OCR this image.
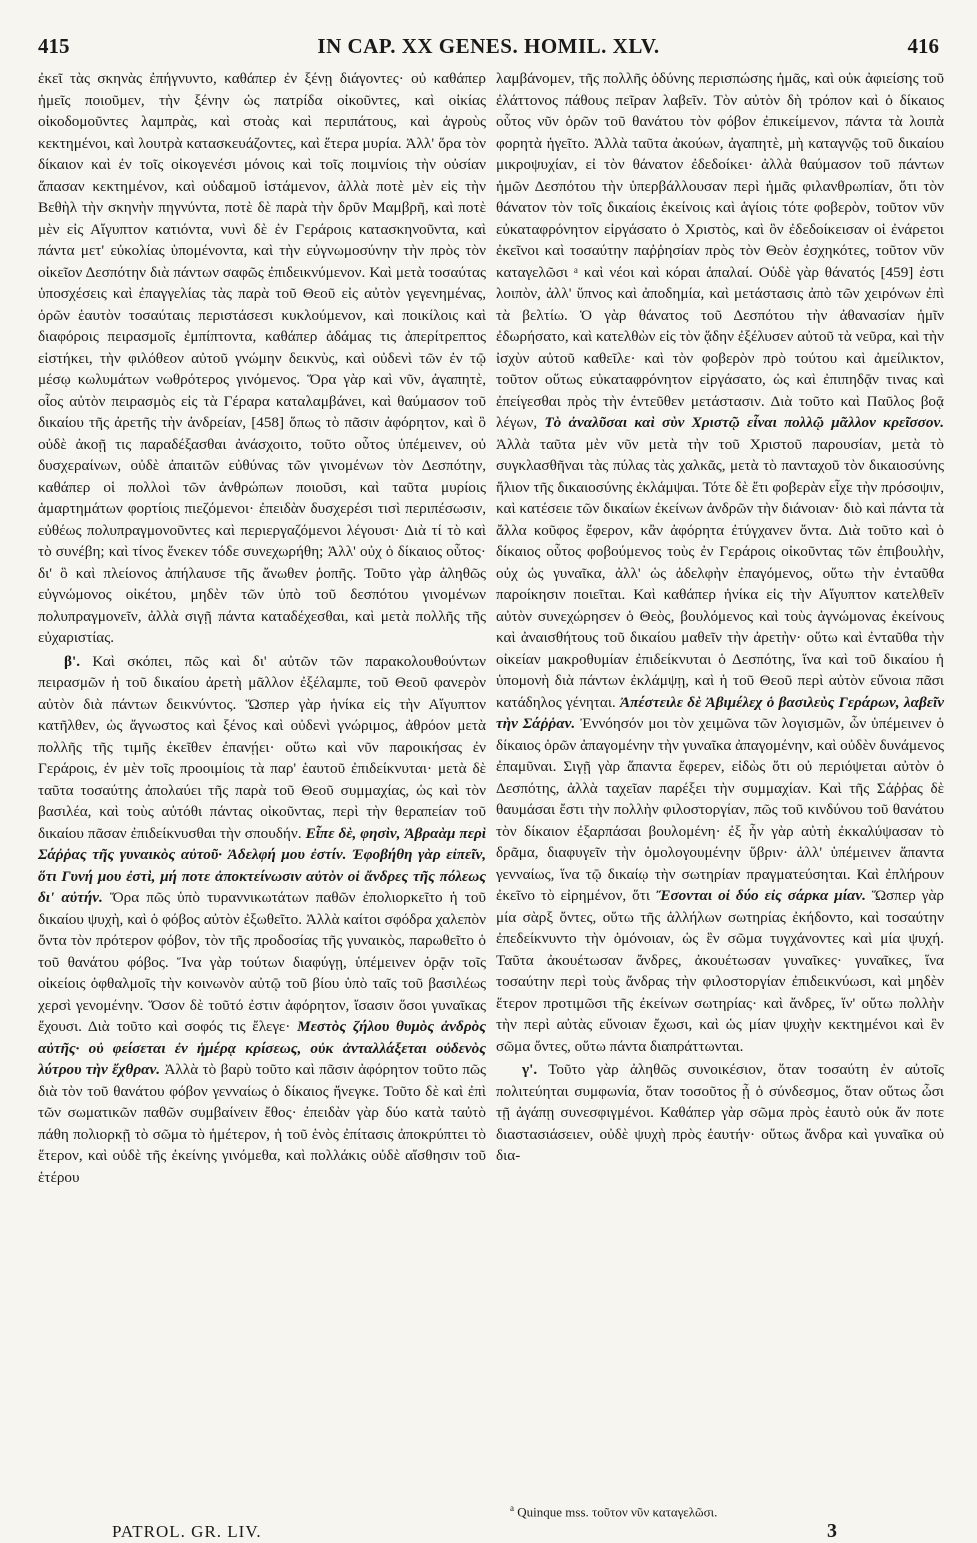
415	IN CAP. XX GENES. HOMIL. XLV.	416

ἐκεῖ τὰς σκηνὰς ἐπήγνυντο, καθάπερ ἐν ξένῃ διάγοντες· οὐ καθάπερ ἡμεῖς ποιοῦμεν, τὴν ξένην ὡς πατρίδα οἰκοῦντες, καὶ οἰκίας οἰκοδομοῦντες λαμπρὰς, καὶ στοὰς καὶ περιπάτους, καὶ ἀγροὺς κεκτημένοι, καὶ λουτρὰ κατασκευάζοντες, καὶ ἕτερα μυρία. Ἀλλ' ὅρα τὸν δίκαιον καὶ ἐν τοῖς οἰκογενέσι μόνοις καὶ τοῖς ποιμνίοις τὴν οὐσίαν ἅπασαν κεκτημένον, καὶ οὐδαμοῦ ἱστάμενον, ἀλλὰ ποτὲ μὲν εἰς τὴν Βεθὴλ τὴν σκηνὴν πηγνύντα, ποτὲ δὲ παρὰ τὴν δρῦν Μαμβρῆ, καὶ ποτὲ μὲν εἰς Αἴγυπτον κατιόντα, νυνὶ δὲ ἐν Γεράροις κατασκηνοῦντα, καὶ πάντα μετ' εὐκολίας ὑπομένοντα, καὶ τὴν εὐγνωμοσύνην τὴν πρὸς τὸν οἰκεῖον Δεσπότην διὰ πάντων σαφῶς ἐπιδεικνύμενον. Καὶ μετὰ τοσαύτας ὑποσχέσεις καὶ ἐπαγγελίας τὰς παρὰ τοῦ Θεοῦ εἰς αὐτὸν γεγενημένας, ὁρῶν ἑαυτὸν τοσαύταις περιστάσεσι κυκλούμενον, καὶ ποικίλοις καὶ διαφόροις πειρασμοῖς ἐμπίπτοντα, καθάπερ ἀδάμας τις ἀπερίτρεπτος εἱστήκει, τὴν φιλόθεον αὐτοῦ γνώμην δεικνὺς, καὶ οὐδενὶ τῶν ἐν τῷ μέσῳ κωλυμάτων νωθρότερος γινόμενος. Ὅρα γὰρ καὶ νῦν, ἀγαπητὲ, οἷος αὐτὸν πειρασμὸς εἰς τὰ Γέραρα καταλαμβάνει, καὶ θαύμασον τοῦ δικαίου τῆς ἀρετῆς τὴν ἀνδρείαν, [458] ὅπως τὸ πᾶσιν ἀφόρητον, καὶ ὃ οὐδὲ ἀκοῇ τις παραδέξασθαι ἀνάσχοιτο, τοῦτο οὗτος ὑπέμεινεν, οὐ δυσχεραίνων, οὐδὲ ἀπαιτῶν εὐθύνας τῶν γινομένων τὸν Δεσπότην, καθάπερ οἱ πολλοὶ τῶν ἀνθρώπων ποιοῦσι, καὶ ταῦτα μυρίοις ἁμαρτημάτων φορτίοις πιεζόμενοι· ἐπειδὰν δυσχερέσι τισὶ περιπέσωσιν, εὐθέως πολυπραγμονοῦντες καὶ περιεργαζόμενοι λέγουσι· Διὰ τί τὸ καὶ τὸ συνέβη; καὶ τίνος ἕνεκεν τόδε συνεχωρήθη; Ἀλλ' οὐχ ὁ δίκαιος οὗτος· δι' ὃ καὶ πλείονος ἀπήλαυσε τῆς ἄνωθεν ῥοπῆς. Τοῦτο γὰρ ἀληθῶς εὐγνώμονος οἰκέτου, μηδὲν τῶν ὑπὸ τοῦ δεσπότου γινομένων πολυπραγμονεῖν, ἀλλὰ σιγῇ πάντα καταδέχεσθαι, καὶ μετὰ πολλῆς τῆς εὐχαριστίας.

β'. Καὶ σκόπει, πῶς καὶ δι' αὐτῶν τῶν παρακολουθούντων πειρασμῶν ἡ τοῦ δικαίου ἀρετὴ μᾶλλον ἐξέλαμπε, τοῦ Θεοῦ φανερὸν αὐτὸν διὰ πάντων δεικνύντος. Ὥσπερ γὰρ ἡνίκα εἰς τὴν Αἴγυπτον κατῆλθεν, ὡς ἄγνωστος καὶ ξένος καὶ οὐδενὶ γνώριμος, ἀθρόον μετὰ πολλῆς τῆς τιμῆς ἐκεῖθεν ἐπανῄει· οὕτω καὶ νῦν παροικήσας ἐν Γεράροις, ἐν μὲν τοῖς προοιμίοις τὰ παρ' ἑαυτοῦ ἐπιδείκνυται· μετὰ δὲ ταῦτα τοσαύτης ἀπολαύει τῆς παρὰ τοῦ Θεοῦ συμμαχίας, ὡς καὶ τὸν βασιλέα, καὶ τοὺς αὐτόθι πάντας οἰκοῦντας, περὶ τὴν θεραπείαν τοῦ δικαίου πᾶσαν ἐπιδείκνυσθαι τὴν σπουδήν. Εἶπε δὲ, φησὶν, Ἀβραὰμ περὶ Σάῤῥας τῆς γυναικὸς αὐτοῦ· Ἀδελφή μου ἐστίν. Ἐφοβήθη γὰρ εἰπεῖν, ὅτι Γυνή μου ἐστὶ, μή ποτε ἀποκτείνωσιν αὐτὸν οἱ ἄνδρες τῆς πόλεως δι' αὐτήν. Ὅρα πῶς ὑπὸ τυραννικωτάτων παθῶν ἐπολιορκεῖτο ἡ τοῦ δικαίου ψυχὴ, καὶ ὁ φόβος αὐτὸν ἐξωθεῖτο. Ἀλλὰ καίτοι σφόδρα χαλεπὸν ὄντα τὸν πρότερον φόβον, τὸν τῆς προδοσίας τῆς γυναικὸς, παρωθεῖτο ὁ τοῦ θανάτου φόβος. Ἵνα γὰρ τούτων διαφύγῃ, ὑπέμεινεν ὁρᾷν τοῖς οἰκείοις ὀφθαλμοῖς τὴν κοινωνὸν αὐτῷ τοῦ βίου ὑπὸ ταῖς τοῦ βασιλέως χερσὶ γενομένην. Ὅσον δὲ τοῦτό ἐστιν ἀφόρητον, ἴσασιν ὅσοι γυναῖκας ἔχουσι. Διὰ τοῦτο καὶ σοφός τις ἔλεγε· Μεστὸς ζήλου θυμὸς ἀνδρὸς αὐτῆς· οὐ φείσεται ἐν ἡμέρᾳ κρίσεως, οὐκ ἀνταλλάξεται οὐδενὸς λύτρου τὴν ἔχθραν. Ἀλλὰ τὸ βαρὺ τοῦτο καὶ πᾶσιν ἀφόρητον τοῦτο πῶς διὰ τὸν τοῦ θανάτου φόβον γενναίως ὁ δίκαιος ἤνεγκε. Τοῦτο δὲ καὶ ἐπὶ τῶν σωματικῶν παθῶν συμβαίνειν ἔθος· ἐπειδὰν γὰρ δύο κατὰ ταὐτὸ πάθη πολιορκῇ τὸ σῶμα τὸ ἡμέτερον, ἡ τοῦ ἑνὸς ἐπίτασις ἀποκρύπτει τὸ ἕτερον, καὶ οὐδὲ τῆς ἐκείνης γινόμεθα, καὶ πολλάκις οὐδὲ αἴσθησιν τοῦ ἑτέρου

λαμβάνομεν, τῆς πολλῆς ὀδύνης περισπώσης ἡμᾶς, καὶ οὐκ ἀφιείσης τοῦ ἐλάττονος πάθους πεῖραν λαβεῖν. Τὸν αὐτὸν δὴ τρόπον καὶ ὁ δίκαιος οὗτος νῦν ὁρῶν τοῦ θανάτου τὸν φόβον ἐπικείμενον, πάντα τὰ λοιπὰ φορητὰ ἡγεῖτο. Ἀλλὰ ταῦτα ἀκούων, ἀγαπητὲ, μὴ καταγνῷς τοῦ δικαίου μικροψυχίαν, εἰ τὸν θάνατον ἐδεδοίκει· ἀλλὰ θαύμασον τοῦ πάντων ἡμῶν Δεσπότου τὴν ὑπερβάλλουσαν περὶ ἡμᾶς φιλανθρωπίαν, ὅτι τὸν θάνατον τὸν τοῖς δικαίοις ἐκείνοις καὶ ἁγίοις τότε φοβερὸν, τοῦτον νῦν εὐκαταφρόνητον εἰργάσατο ὁ Χριστὸς, καὶ ὃν ἐδεδοίκεισαν οἱ ἐνάρετοι ἐκεῖνοι καὶ τοσαύτην παῤῥησίαν πρὸς τὸν Θεὸν ἐσχηκότες, τοῦτον νῦν καταγελῶσι ᵃ καὶ νέοι καὶ κόραι ἁπαλαί. Οὐδὲ γὰρ θάνατός [459] ἐστι λοιπὸν, ἀλλ' ὕπνος καὶ ἀποδημία, καὶ μετάστασις ἀπὸ τῶν χειρόνων ἐπὶ τὰ βελτίω. Ὁ γὰρ θάνατος τοῦ Δεσπότου τὴν ἀθανασίαν ἡμῖν ἐδωρήσατο, καὶ κατελθὼν εἰς τὸν ᾅδην ἐξέλυσεν αὐτοῦ τὰ νεῦρα, καὶ τὴν ἰσχὺν αὐτοῦ καθεῖλε· καὶ τὸν φοβερὸν πρὸ τούτου καὶ ἀμείλικτον, τοῦτον οὕτως εὐκαταφρόνητον εἰργάσατο, ὡς καὶ ἐπιπηδᾷν τινας καὶ ἐπείγεσθαι πρὸς τὴν ἐντεῦθεν μετάστασιν. Διὰ τοῦτο καὶ Παῦλος βοᾷ λέγων, Τὸ ἀναλῦσαι καὶ σὺν Χριστῷ εἶναι πολλῷ μᾶλλον κρεῖσσον. Ἀλλὰ ταῦτα μὲν νῦν μετὰ τὴν τοῦ Χριστοῦ παρουσίαν, μετὰ τὸ συγκλασθῆναι τὰς πύλας τὰς χαλκᾶς, μετὰ τὸ πανταχοῦ τὸν δικαιοσύνης ἥλιον τῆς δικαιοσύνης ἐκλάμψαι. Τότε δὲ ἔτι φοβερὰν εἶχε τὴν πρόσοψιν, καὶ κατέσειε τῶν δικαίων ἐκείνων ἀνδρῶν τὴν διάνοιαν· διὸ καὶ πάντα τὰ ἄλλα κοῦφος ἔφερον, κἂν ἀφόρητα ἐτύγχανεν ὄντα. Διὰ τοῦτο καὶ ὁ δίκαιος οὗτος φοβούμενος τοὺς ἐν Γεράροις οἰκοῦντας τῶν ἐπιβουλὴν, οὐχ ὡς γυναῖκα, ἀλλ' ὡς ἀδελφὴν ἐπαγόμενος, οὕτω τὴν ἐνταῦθα παροίκησιν ποιεῖται. Καὶ καθάπερ ἡνίκα εἰς τὴν Αἴγυπτον κατελθεῖν αὐτὸν συνεχώρησεν ὁ Θεὸς, βουλόμενος καὶ τοὺς ἀγνώμονας ἐκείνους καὶ ἀναισθήτους τοῦ δικαίου μαθεῖν τὴν ἀρετὴν· οὕτω καὶ ἐνταῦθα τὴν οἰκείαν μακροθυμίαν ἐπιδείκνυται ὁ Δεσπότης, ἵνα καὶ τοῦ δικαίου ἡ ὑπομονὴ διὰ πάντων ἐκλάμψῃ, καὶ ἡ τοῦ Θεοῦ περὶ αὐτὸν εὔνοια πᾶσι κατάδηλος γένηται. Ἀπέστειλε δὲ Ἀβιμέλεχ ὁ βασιλεὺς Γεράρων, λαβεῖν τὴν Σάῤῥαν. Ἐννόησόν μοι τὸν χειμῶνα τῶν λογισμῶν, ὧν ὑπέμεινεν ὁ δίκαιος ὁρῶν ἀπαγομένην τὴν γυναῖκα ἀπαγομένην, καὶ οὐδὲν δυνάμενος ἐπαμῦναι. Σιγῇ γὰρ ἅπαντα ἔφερεν, εἰδὼς ὅτι οὐ περιόψεται αὐτὸν ὁ Δεσπότης, ἀλλὰ ταχεῖαν παρέξει τὴν συμμαχίαν. Καὶ τῆς Σάῤῥας δὲ θαυμάσαι ἔστι τὴν πολλὴν φιλοστοργίαν, πῶς τοῦ κινδύνου τοῦ θανάτου τὸν δίκαιον ἐξαρπάσαι βουλομένη· ἐξ ἧν γὰρ αὐτὴ ἐκκαλύψασαν τὸ δρᾶμα, διαφυγεῖν τὴν ὁμολογουμένην ὕβριν· ἀλλ' ὑπέμεινεν ἅπαντα γενναίως, ἵνα τῷ δικαίῳ τὴν σωτηρίαν πραγματεύσηται. Καὶ ἐπλήρουν ἐκεῖνο τὸ εἰρημένον, ὅτι Ἔσονται οἱ δύο εἰς σάρκα μίαν. Ὥσπερ γὰρ μία σὰρξ ὄντες, οὕτω τῆς ἀλλήλων σωτηρίας ἐκήδοντο, καὶ τοσαύτην ἐπεδείκνυντο τὴν ὁμόνοιαν, ὡς ἓν σῶμα τυγχάνοντες καὶ μία ψυχή. Ταῦτα ἀκουέτωσαν ἄνδρες, ἀκουέτωσαν γυναῖκες· γυναῖκες, ἵνα τοσαύτην περὶ τοὺς ἄνδρας τὴν φιλοστοργίαν ἐπιδεικνύωσι, καὶ μηδὲν ἕτερον προτιμῶσι τῆς ἐκείνων σωτηρίας· καὶ ἄνδρες, ἵν' οὕτω πολλὴν τὴν περὶ αὐτὰς εὔνοιαν ἔχωσι, καὶ ὡς μίαν ψυχὴν κεκτημένοι καὶ ἓν σῶμα ὄντες, οὕτω πάντα διαπράττωνται.

γ'. Τοῦτο γὰρ ἀληθῶς συνοικέσιον, ὅταν τοσαύτη ἐν αὐτοῖς πολιτεύηται συμφωνία, ὅταν τοσοῦτος ᾖ ὁ σύνδεσμος, ὅταν οὕτως ὦσι τῇ ἀγάπῃ συνεσφιγμένοι. Καθάπερ γὰρ σῶμα πρὸς ἑαυτὸ οὐκ ἄν ποτε διαστασιάσειεν, οὐδὲ ψυχὴ πρὸς ἑαυτήν· οὕτως ἄνδρα καὶ γυναῖκα οὐ δια-

$^a$ Quinque mss. τοῦτον νῦν καταγελῶσι.
PATROL. GR. LIV.	3
